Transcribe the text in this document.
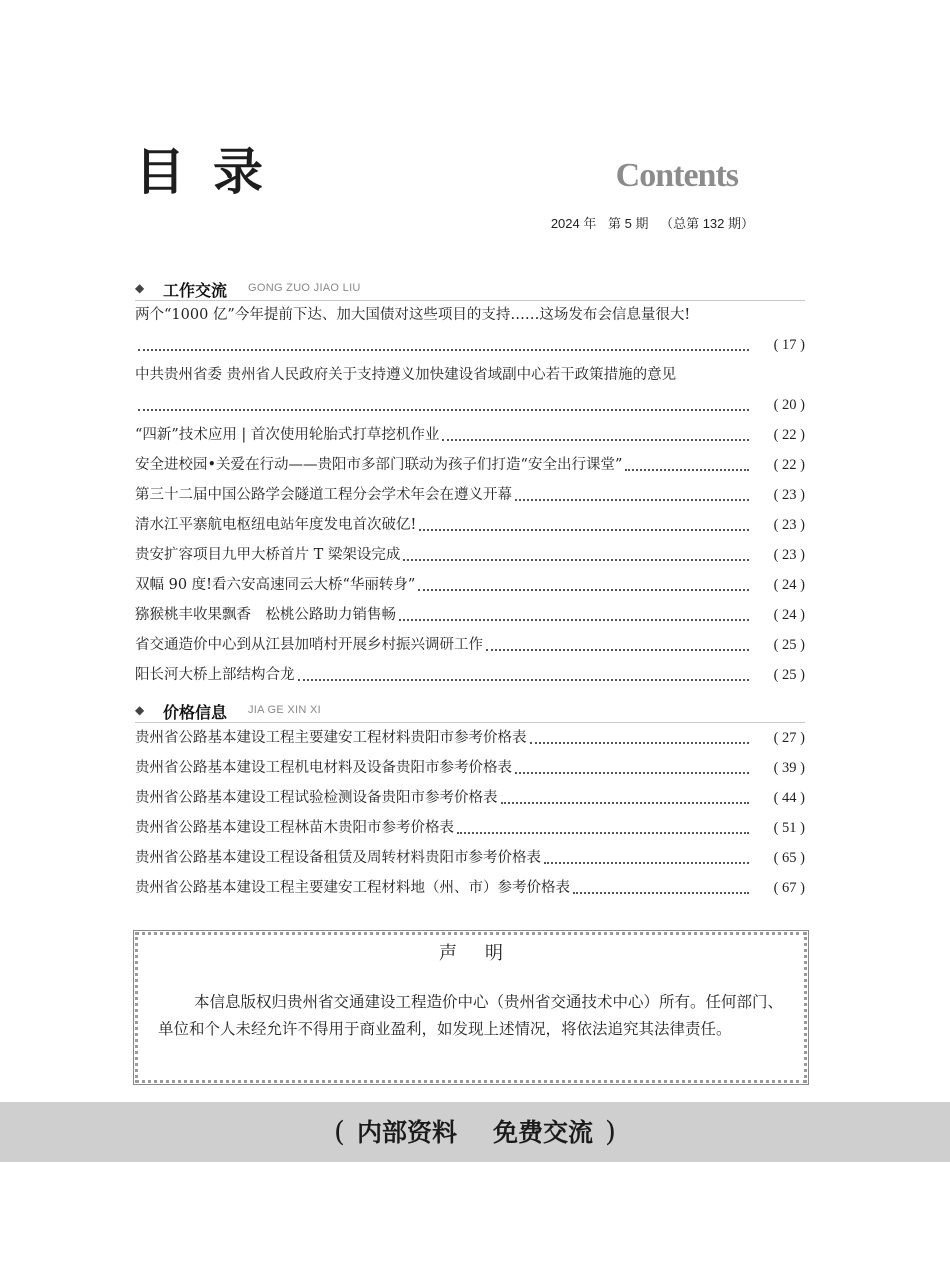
目录	Contents
2024 年 第 5 期 （总第 132 期）
◆ 工作交流 GONG ZUO JIAO LIU
两个“1000 亿”今年提前下达、加大国债对这些项目的支持……这场发布会信息量很大!
( 17 )
中共贵州省委 贵州省人民政府关于支持遵义加快建设省域副中心若干政策措施的意见
( 20 )
“四新”技术应用 | 首次使用轮胎式打草挖机作业	( 22 )
安全进校园•关爱在行动——贵阳市多部门联动为孩子们打造“安全出行课堂”	( 22 )
第三十二届中国公路学会隧道工程分会学术年会在遵义开幕	( 23 )
清水江平寨航电枢纽电站年度发电首次破亿!	( 23 )
贵安扩容项目九甲大桥首片 T 梁架设完成	( 23 )
双幅 90 度!看六安高速同云大桥“华丽转身”	( 24 )
猕猴桃丰收果飘香　松桃公路助力销售畅	( 24 )
省交通造价中心到从江县加哨村开展乡村振兴调研工作	( 25 )
阳长河大桥上部结构合龙	( 25 )
◆ 价格信息 JIA GE XIN XI
贵州省公路基本建设工程主要建安工程材料贵阳市参考价格表	( 27 )
贵州省公路基本建设工程机电材料及设备贵阳市参考价格表	( 39 )
贵州省公路基本建设工程试验检测设备贵阳市参考价格表	( 44 )
贵州省公路基本建设工程林苗木贵阳市参考价格表	( 51 )
贵州省公路基本建设工程设备租赁及周转材料贵阳市参考价格表	( 65 )
贵州省公路基本建设工程主要建安工程材料地（州、市）参考价格表	( 67 )
声明
本信息版权归贵州省交通建设工程造价中心（贵州省交通技术中心）所有。任何部门、单位和个人未经允许不得用于商业盈利，如发现上述情况，将依法追究其法律责任。
( 内部资料 免费交流 )
